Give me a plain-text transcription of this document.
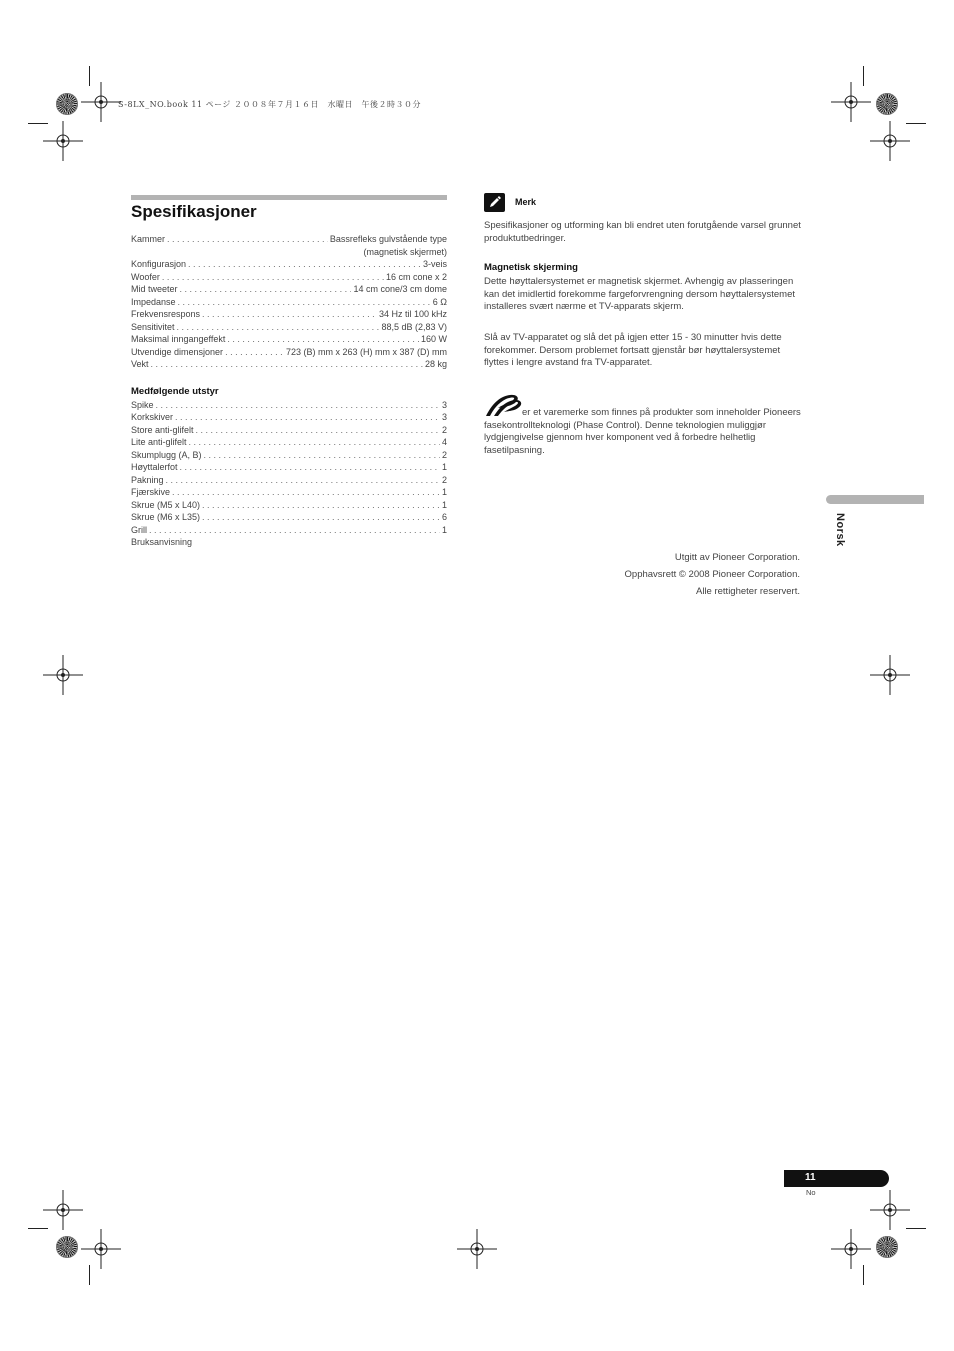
S-8LX_NO.book 11 ページ ２００８年７月１６日　水曜日　午後２時３０分
Spesifikasjoner
Kammer . . .	Bassrefleks gulvstående type
(magnetisk skjermet)
Konfigurasjon . . .	3-veis
Woofer . . .	16 cm cone x 2
Mid tweeter . . .	14 cm cone/3 cm dome
Impedanse . . .	6 Ω
Frekvensrespons . . .	34 Hz til 100 kHz
Sensitivitet . . .	88,5 dB (2,83 V)
Maksimal inngangeffekt . . .	160 W
Utvendige dimensjoner . . .	723 (B) mm x 263 (H) mm x 387 (D) mm
Vekt . . .	28 kg
Medfølgende utstyr
Spike . . .	3
Korkskiver . . .	3
Store anti-glifelt . . .	2
Lite anti-glifelt . . .	4
Skumplugg (A, B) . . .	2
Høyttalerfot . . .	1
Pakning . . .	2
Fjærskive . . .	1
Skrue (M5 x L40) . . .	1
Skrue (M6 x L35) . . .	6
Grill . . .	1
Bruksanvisning
Merk

Spesifikasjoner og utforming kan bli endret uten forutgående varsel grunnet produktutbedringer.

Magnetisk skjerming

Dette høyttalersystemet er magnetisk skjermet. Avhengig av plasseringen kan det imidlertid forekomme fargeforvrengning dersom høyttalersystemet installeres svært nærme et TV-apparats skjerm.

Slå av TV-apparatet og slå det på igjen etter 15 - 30 minutter hvis dette forekommer. Dersom problemet fortsatt gjenstår bør høyttalersystemet flyttes i lengre avstand fra TV-apparatet.

er et varemerke som finnes på produkter som inneholder Pioneers fasekontrollteknologi (Phase Control). Denne teknologien muliggjør lydgjengivelse gjennom hver komponent ved å forbedre helhetlig fasetilpasning.

Utgitt av Pioneer Corporation.
Opphavsrett © 2008 Pioneer Corporation.
Alle rettigheter reservert.
Norsk
11
No
